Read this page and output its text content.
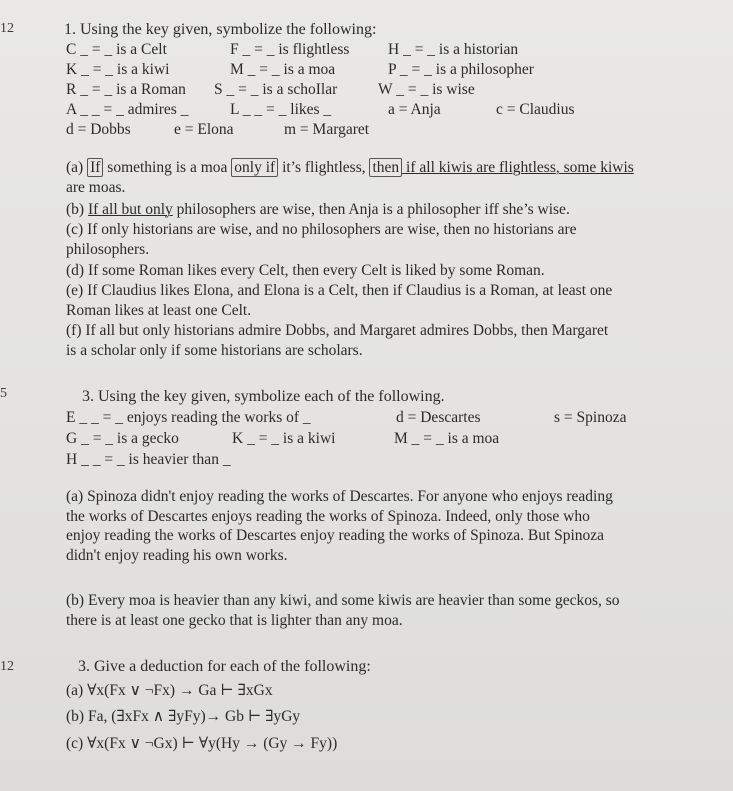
12	1. Using the key given, symbolize the following:
C _ = _ is a Celt	F _ = _ is flightless H _ = _ is a historian
K _ = _ is a kiwi	M _ = _ is a moa	P _ = _ is a philosopher
R _ = _ is a Roman S _ = _ is a schoIlar	W _ = _ is wise
A _ _ = _ admires _	L _ _ = _ likes _	a = Anja	c = Claudius
d = Dobbs	e = Elona	m = Margaret
(a) If something is a moa only if it’s flightless, then if all kiwis are flightless, some kiwis
are moas.
(b) If all but only philosophers are wise, then Anja is a philosopher iff she’s wise.
(c) If only historians are wise, and no philosophers are wise, then no historians are
philosophers.
(d) If some Roman likes every Celt, then every Celt is liked by some Roman.
(e) If Claudius likes Elona, and Elona is a Celt, then if Claudius is a Roman, at least one
Roman likes at least one Celt.
(f) If all but only historians admire Dobbs, and Margaret admires Dobbs, then Margaret
is a scholar only if some historians are scholars.
5	3. Using the key given, symbolize each of the following.
E _ _ = _ enjoys reading the works of _	d = Descartes	s = Spinoza
G _ = _ is a gecko	K _ = _ is a kiwi	M _ = _ is a moa
H _ _ = _ is heavier than _
(a) Spinoza didn't enjoy reading the works of Descartes. For anyone who enjoys reading
the works of Descartes enjoys reading the works of Spinoza. Indeed, only those who
enjoy reading the works of Descartes enjoy reading the works of Spinoza. But Spinoza
didn't enjoy reading his own works.
(b) Every moa is heavier than any kiwi, and some kiwis are heavier than some geckos, so
there is at least one gecko that is lighter than any moa.
12	3. Give a deduction for each of the following:
(a) ∀x(Fx ∨ ¬Fx) → Ga ⊢ ∃xGx
(b) Fa, (∃xFx ∧ ∃yFy)→ Gb ⊢ ∃yGy
(c) ∀x(Fx ∨ ¬Gx) ⊢ ∀y(Hy → (Gy → Fy))
